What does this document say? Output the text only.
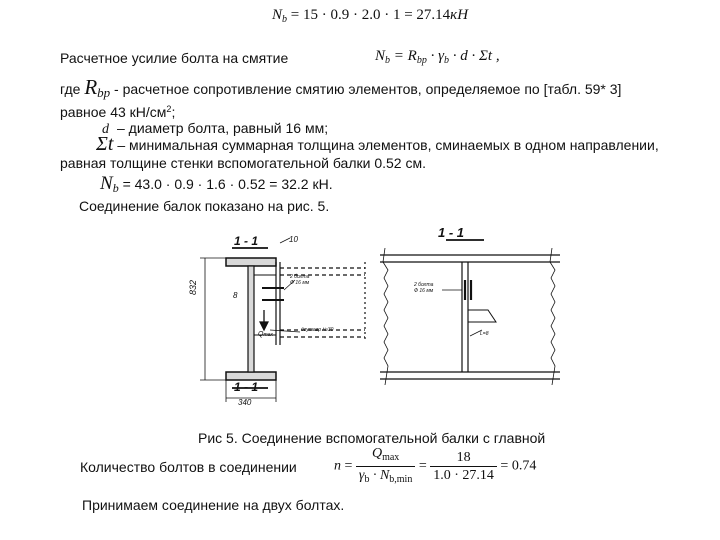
$N_b = 15 \cdot 0.9 \cdot 2.0 \cdot 1 = 27.14кН$
Расчетное усилие болта на смятие	$N_b = R_{bp} \cdot \gamma_b \cdot d \cdot \Sigma t$ ,
где Rbp - расчетное сопротивление смятию элементов, определяемое по [табл. 59* 3]
равное 43 $кН/см^2$;
d – диаметр болта, равный 16 мм;
Σt – минимальная суммарная толщина элементов, сминаемых в одном направлении,
равная толщине стенки вспомогательной балки 0.52 см.
Nb = 43.0 · 0.9 · 1.6 · 0.52 = 32.2 кН.
Соединение балок показано на рис. 5.
1 - 1	10
8
832
340
1 - 1
2 болта
Ф 16 мм
Qmax
двутавр №30
1 - 1
2 болта
Ф 16 мм
L=8
Рис 5. Соединение вспомогательной балки с главной
Количество болтов в соединении	$n = \frac{Q_{max}}{\gamma_b \cdot N_{b,min}} = \frac{18}{1.0 \cdot 27.14} = 0.74$
Принимаем соединение на двух болтах.
